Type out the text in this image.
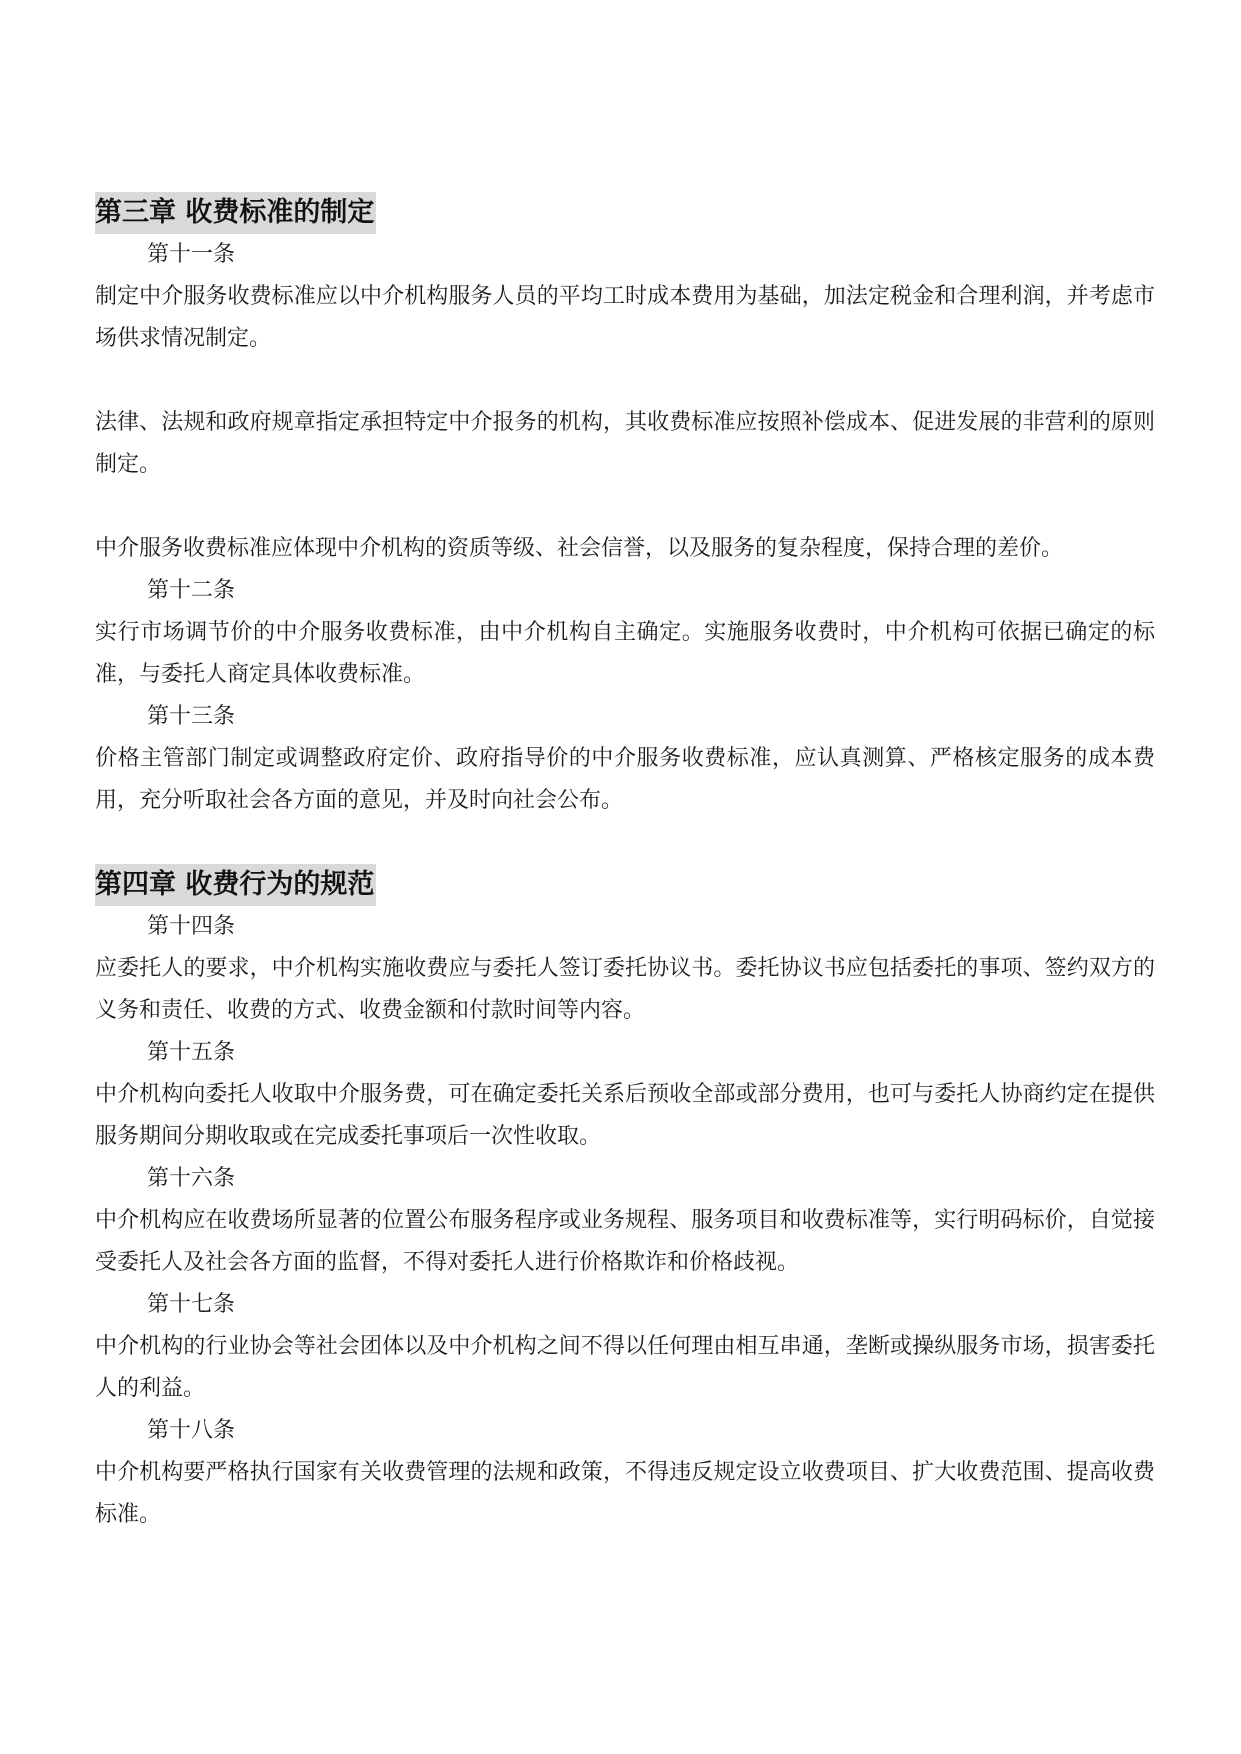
第三章 收费标准的制定
第十一条

制定中介服务收费标准应以中介机构服务人员的平均工时成本费用为基础，加法定税金和合理利润，并考虑市场供求情况制定。

法律、法规和政府规章指定承担特定中介报务的机构，其收费标准应按照补偿成本、促进发展的非营利的原则制定。

中介服务收费标准应体现中介机构的资质等级、社会信誉，以及服务的复杂程度，保持合理的差价。

第十二条

实行市场调节价的中介服务收费标准，由中介机构自主确定。实施服务收费时，中介机构可依据已确定的标准，与委托人商定具体收费标准。

第十三条

价格主管部门制定或调整政府定价、政府指导价的中介服务收费标准，应认真测算、严格核定服务的成本费用，充分听取社会各方面的意见，并及时向社会公布。

第四章 收费行为的规范
第十四条

应委托人的要求，中介机构实施收费应与委托人签订委托协议书。委托协议书应包括委托的事项、签约双方的义务和责任、收费的方式、收费金额和付款时间等内容。

第十五条

中介机构向委托人收取中介服务费，可在确定委托关系后预收全部或部分费用，也可与委托人协商约定在提供服务期间分期收取或在完成委托事项后一次性收取。

第十六条

中介机构应在收费场所显著的位置公布服务程序或业务规程、服务项目和收费标准等，实行明码标价，自觉接受委托人及社会各方面的监督，不得对委托人进行价格欺诈和价格歧视。

第十七条

中介机构的行业协会等社会团体以及中介机构之间不得以任何理由相互串通，垄断或操纵服务市场，损害委托人的利益。

第十八条

中介机构要严格执行国家有关收费管理的法规和政策，不得违反规定设立收费项目、扩大收费范围、提高收费标准。
